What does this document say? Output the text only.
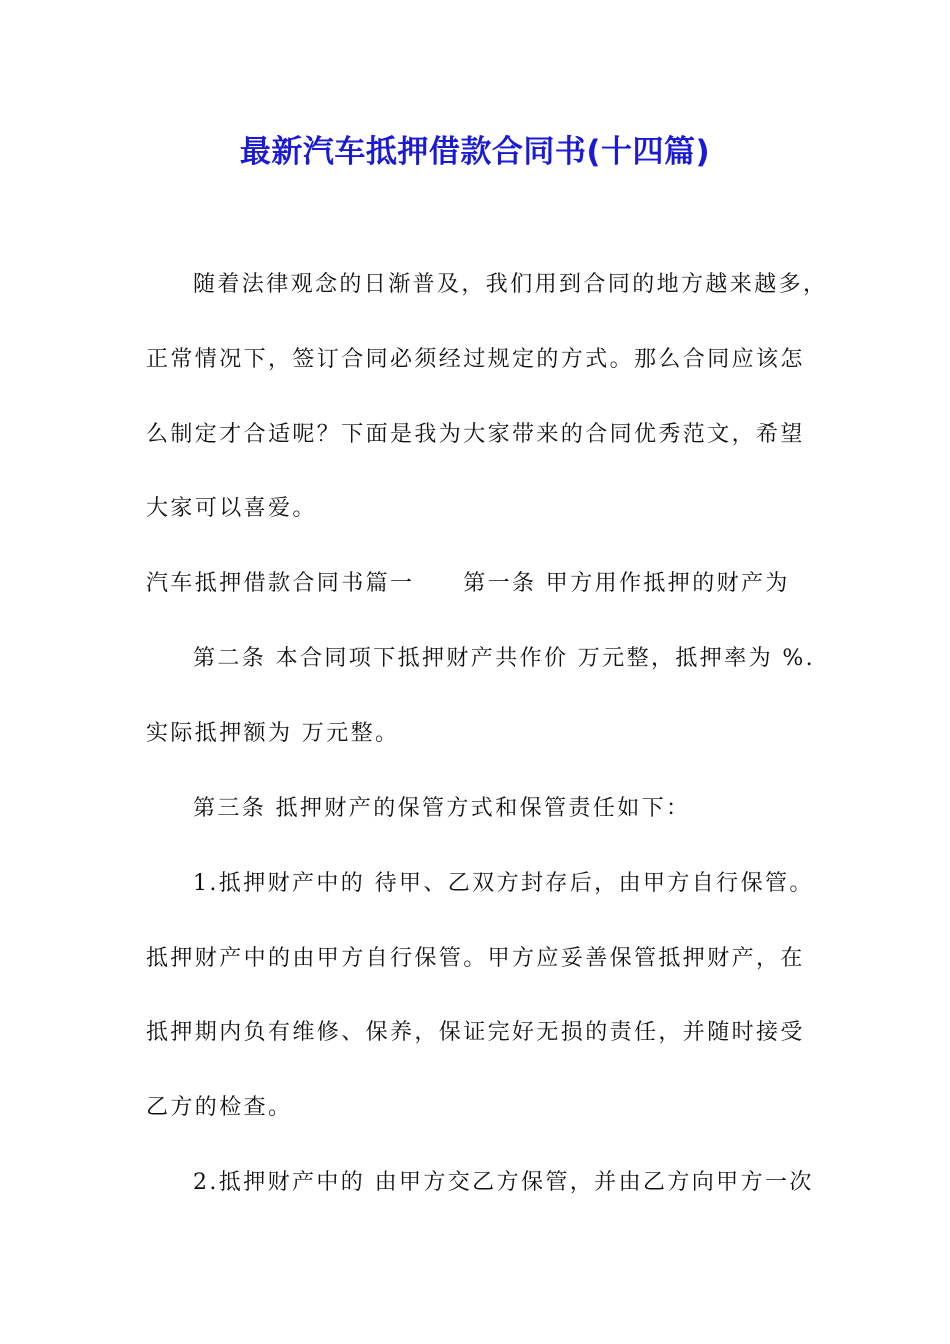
最新汽车抵押借款合同书(十四篇)
随着法律观念的日渐普及，我们用到合同的地方越来越多，
正常情况下，签订合同必须经过规定的方式。那么合同应该怎
么制定才合适呢？下面是我为大家带来的合同优秀范文，希望
大家可以喜爱。
汽车抵押借款合同书篇一　　第一条 甲方用作抵押的财产为
第二条 本合同项下抵押财产共作价 万元整，抵押率为 %.
实际抵押额为 万元整。
第三条 抵押财产的保管方式和保管责任如下：
1.抵押财产中的 待甲、乙双方封存后，由甲方自行保管。
抵押财产中的由甲方自行保管。甲方应妥善保管抵押财产，在
抵押期内负有维修、保养，保证完好无损的责任，并随时接受
乙方的检查。
2.抵押财产中的 由甲方交乙方保管，并由乙方向甲方一次
